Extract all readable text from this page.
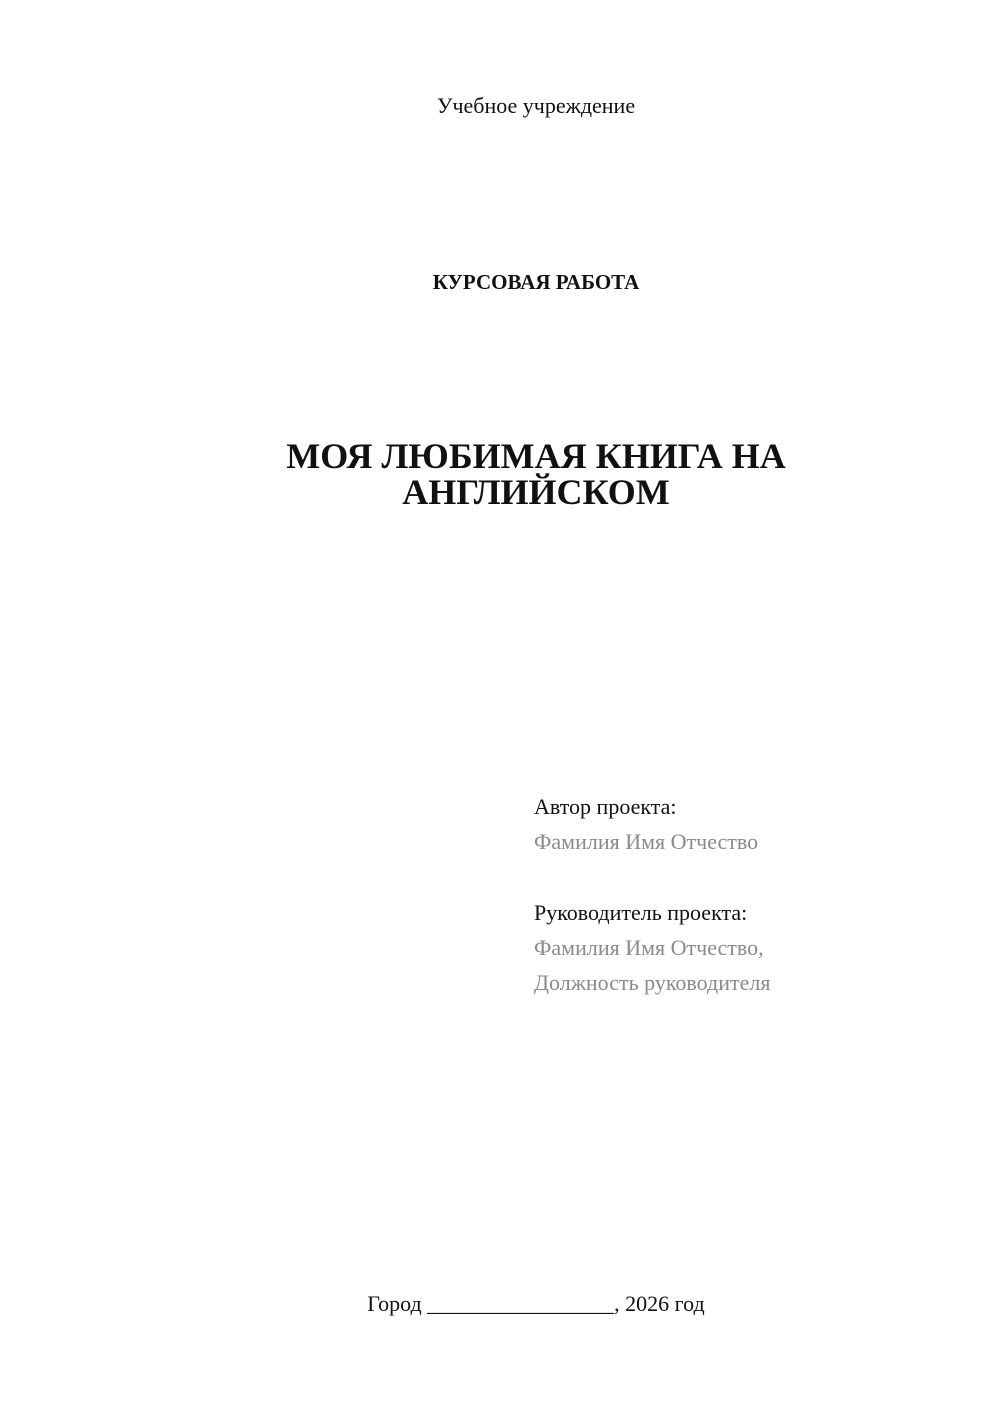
Учебное учреждение
КУРСОВАЯ РАБОТА
МОЯ ЛЮБИМАЯ КНИГА НА
АНГЛИЙСКОМ
Автор проекта:
Фамилия Имя Отчество
Руководитель проекта:
Фамилия Имя Отчество,
Должность руководителя
Город _________________, 2026 год
